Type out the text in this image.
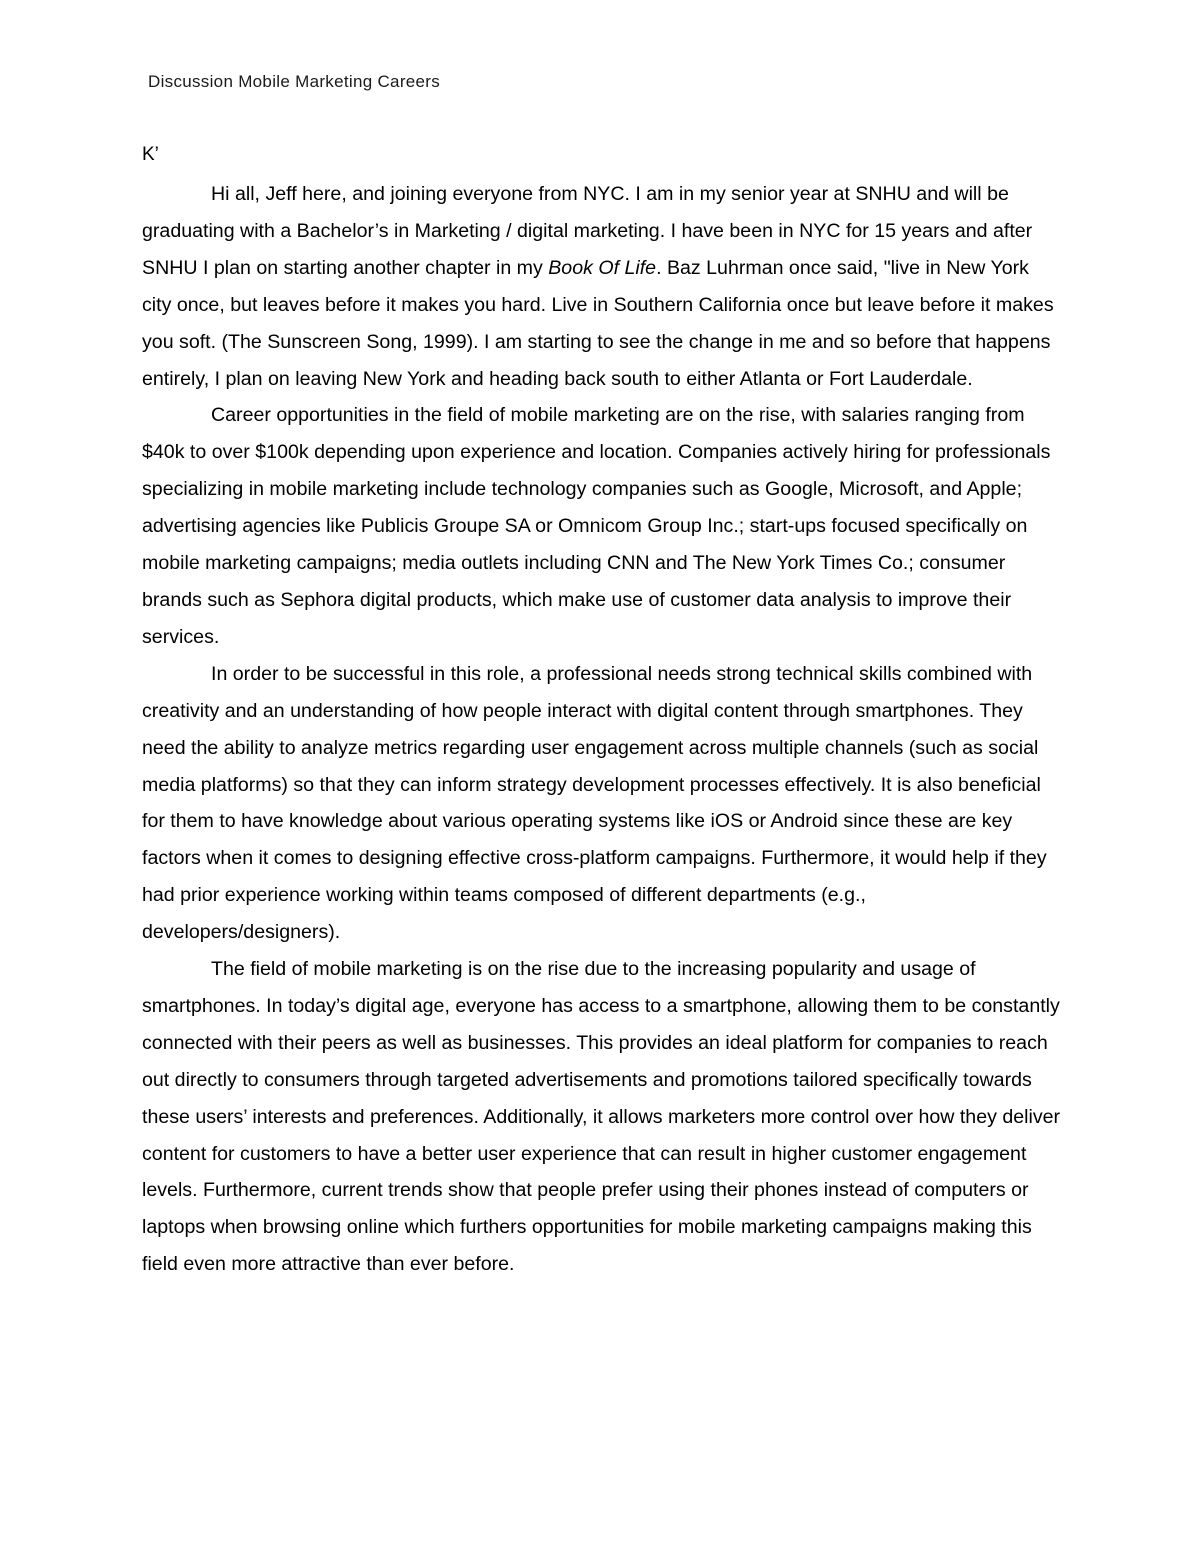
Discussion Mobile Marketing Careers
K’

Hi all, Jeff here, and joining everyone from NYC. I am in my senior year at SNHU and will be graduating with a Bachelor’s in Marketing / digital marketing. I have been in NYC for 15 years and after SNHU I plan on starting another chapter in my Book Of Life. Baz Luhrman once said, "live in New York city once, but leaves before it makes you hard. Live in Southern California once but leave before it makes you soft. (The Sunscreen Song, 1999). I am starting to see the change in me and so before that happens entirely, I plan on leaving New York and heading back south to either Atlanta or Fort Lauderdale.

Career opportunities in the field of mobile marketing are on the rise, with salaries ranging from $40k to over $100k depending upon experience and location. Companies actively hiring for professionals specializing in mobile marketing include technology companies such as Google, Microsoft, and Apple; advertising agencies like Publicis Groupe SA or Omnicom Group Inc.; start-ups focused specifically on mobile marketing campaigns; media outlets including CNN and The New York Times Co.; consumer brands such as Sephora digital products, which make use of customer data analysis to improve their services.

In order to be successful in this role, a professional needs strong technical skills combined with creativity and an understanding of how people interact with digital content through smartphones. They need the ability to analyze metrics regarding user engagement across multiple channels (such as social media platforms) so that they can inform strategy development processes effectively. It is also beneficial for them to have knowledge about various operating systems like iOS or Android since these are key factors when it comes to designing effective cross-platform campaigns. Furthermore, it would help if they had prior experience working within teams composed of different departments (e.g., developers/designers).

The field of mobile marketing is on the rise due to the increasing popularity and usage of smartphones. In today’s digital age, everyone has access to a smartphone, allowing them to be constantly connected with their peers as well as businesses. This provides an ideal platform for companies to reach out directly to consumers through targeted advertisements and promotions tailored specifically towards these users’ interests and preferences. Additionally, it allows marketers more control over how they deliver content for customers to have a better user experience that can result in higher customer engagement levels. Furthermore, current trends show that people prefer using their phones instead of computers or laptops when browsing online which furthers opportunities for mobile marketing campaigns making this field even more attractive than ever before.
